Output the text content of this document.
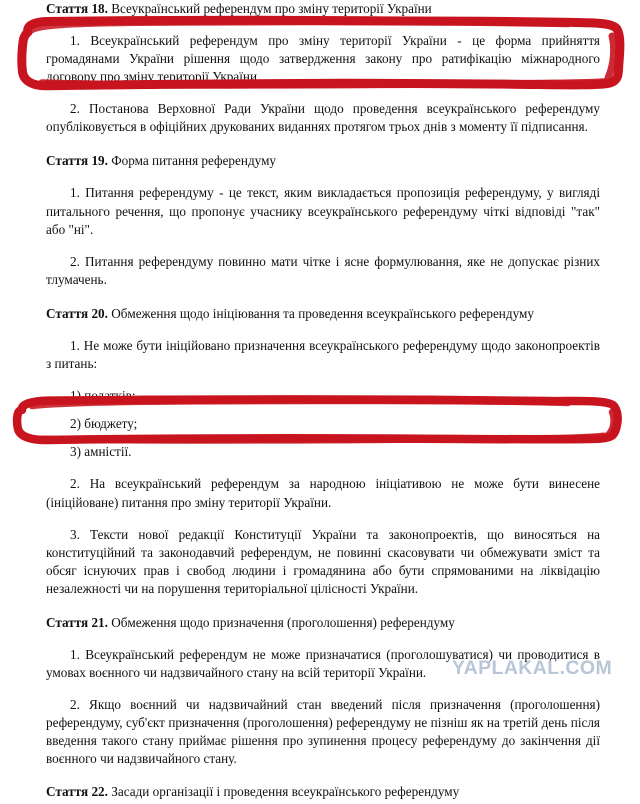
Стаття 18. Всеукраїнський референдум про зміну території України

1. Всеукраїнський референдум про зміну території України - це форма прийняття громадянами України рішення щодо затвердження закону про ратифікацію міжнародного договору про зміну території України.

2. Постанова Верховної Ради України щодо проведення всеукраїнського референдуму опубліковується в офіційних друкованих виданнях протягом трьох днів з моменту її підписання.

Стаття 19. Форма питання референдуму

1. Питання референдуму - це текст, яким викладається пропозиція референдуму, у вигляді питального речення, що пропонує учаснику всеукраїнського референдуму чіткі відповіді "так" або "ні".

2. Питання референдуму повинно мати чітке і ясне формулювання, яке не допускає різних тлумачень.

Стаття 20. Обмеження щодо ініціювання та проведення всеукраїнського референдуму

1. Не може бути ініційовано призначення всеукраїнського референдуму щодо законопроектів з питань:

1) податків;

2) бюджету;

3) амністії.

2. На всеукраїнський референдум за народною ініціативою не може бути винесене (ініційоване) питання про зміну території України.

3. Тексти нової редакції Конституції України та законопроектів, що виносяться на конституційний та законодавчий референдум, не повинні скасовувати чи обмежувати зміст та обсяг існуючих прав і свобод людини і громадянина або бути спрямованими на ліквідацію незалежності чи на порушення територіальної цілісності України.

Стаття 21. Обмеження щодо призначення (проголошення) референдуму

1. Всеукраїнський референдум не може призначатися (проголошуватися) чи проводитися в умовах воєнного чи надзвичайного стану на всій території України.

2. Якщо воєнний чи надзвичайний стан введений після призначення (проголошення) референдуму, суб'єкт призначення (проголошення) референдуму не пізніш як на третій день після введення такого стану приймає рішення про зупинення процесу референдуму до закінчення дії воєнного чи надзвичайного стану.

Стаття 22. Засади організації і проведення всеукраїнського референдуму

YAPLAKAL.COM
